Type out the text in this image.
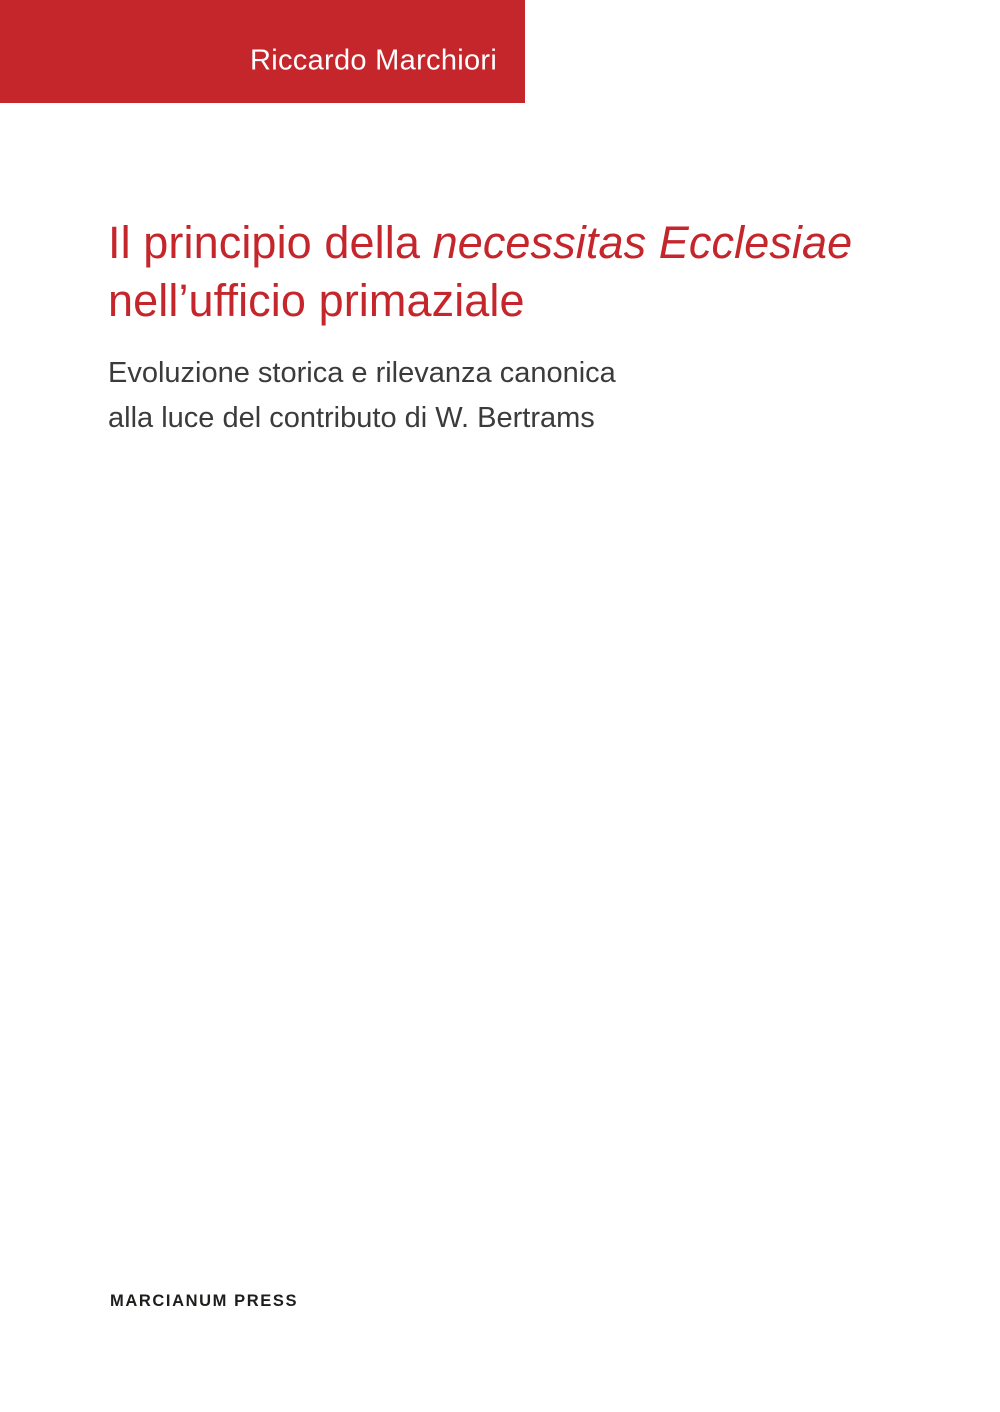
Riccardo Marchiori
Il principio della necessitas Ecclesiae
nell’ufficio primaziale
Evoluzione storica e rilevanza canonica
alla luce del contributo di W. Bertrams
MARCIANUM PRESS
